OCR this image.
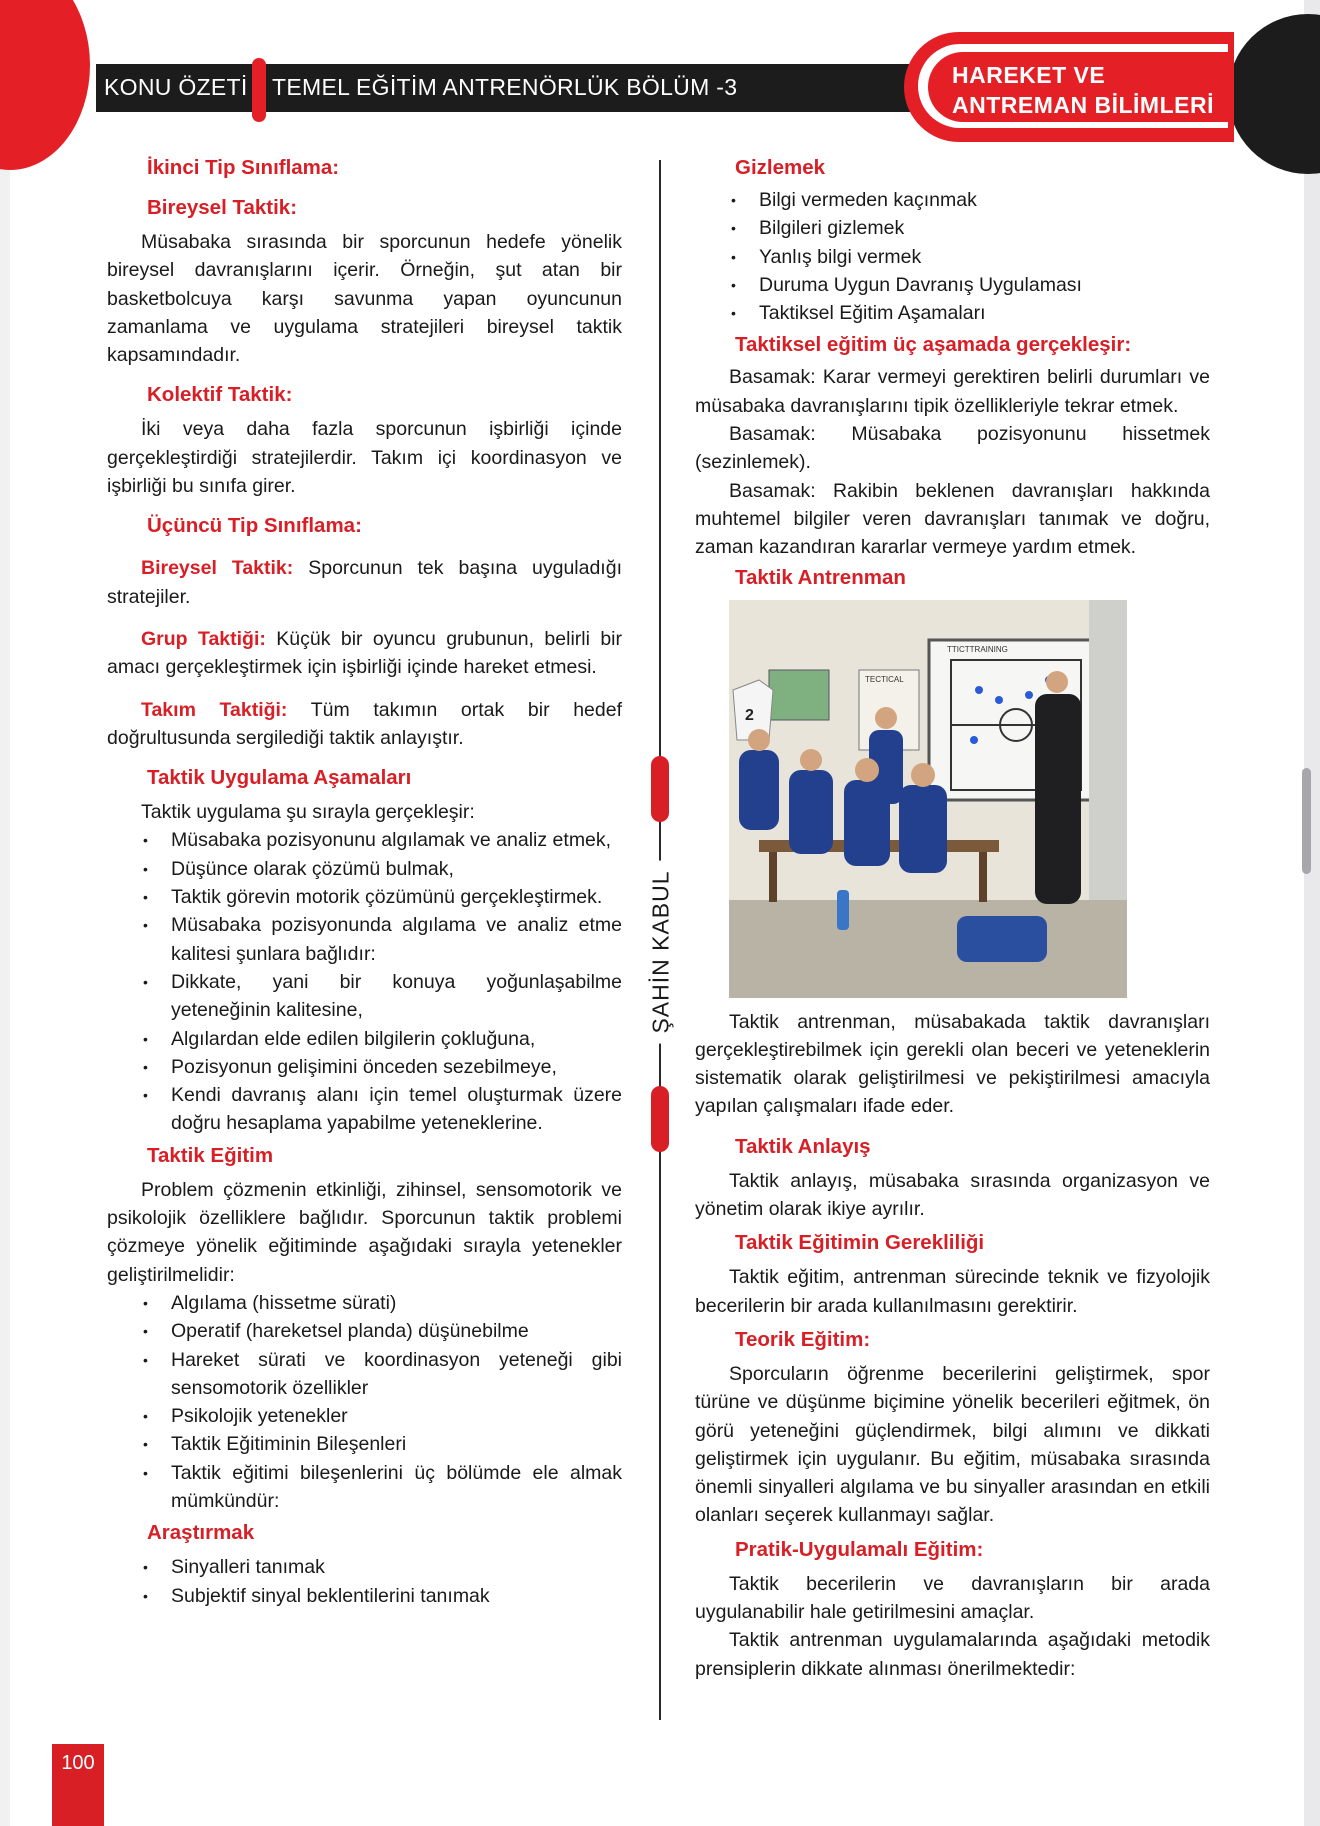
KONU ÖZETİ TEMEL EĞİTİM ANTRENÖRLÜK BÖLÜM -3	HAREKET VE
ANTREMAN BİLİMLERİ
ŞAHİN KABUL
İkinci Tip Sınıflama:
Bireysel Taktik:

Müsabaka sırasında bir sporcunun hedefe yönelik bireysel davranışlarını içerir. Örneğin, şut atan bir basketbolcuya karşı savunma yapan oyuncunun zamanlama ve uygulama stratejileri bireysel taktik kapsamındadır.

Kolektif Taktik:

İki veya daha fazla sporcunun işbirliği içinde gerçekleştirdiği stratejilerdir. Takım içi koordinasyon ve işbirliği bu sınıfa girer.

Üçüncü Tip Sınıflama:

Bireysel Taktik: Sporcunun tek başına uyguladığı stratejiler.

Grup Taktiği: Küçük bir oyuncu grubunun, belirli bir amacı gerçekleştirmek için işbirliği içinde hareket etmesi.

Takım Taktiği: Tüm takımın ortak bir hedef doğrultusunda sergilediği taktik anlayıştır.

Taktik Uygulama Aşamaları

Taktik uygulama şu sırayla gerçekleşir:

• Müsabaka pozisyonunu algılamak ve analiz etmek,
• Düşünce olarak çözümü bulmak,
• Taktik görevin motorik çözümünü gerçekleştirmek.
• Müsabaka pozisyonunda algılama ve analiz etme kalitesi şunlara bağlıdır:
• Dikkate, yani bir konuya yoğunlaşabilme yeteneğinin kalitesine,
• Algılardan elde edilen bilgilerin çokluğuna,
• Pozisyonun gelişimini önceden sezebilmeye,
• Kendi davranış alanı için temel oluşturmak üzere doğru hesaplama yapabilme yeteneklerine.
Taktik Eğitim

Problem çözmenin etkinliği, zihinsel, sensomotorik ve psikolojik özelliklere bağlıdır. Sporcunun taktik problemi çözmeye yönelik eğitiminde aşağıdaki sırayla yetenekler geliştirilmelidir:

• Algılama (hissetme sürati)
• Operatif (hareketsel planda) düşünebilme
• Hareket sürati ve koordinasyon yeteneği gibi sensomotorik özellikler
• Psikolojik yetenekler
• Taktik Eğitiminin Bileşenleri
• Taktik eğitimi bileşenlerini üç bölümde ele almak mümkündür:
Araştırmak
• Sinyalleri tanımak
• Subjektif sinyal beklentilerini tanımak
Gizlemek
• Bilgi vermeden kaçınmak
• Bilgileri gizlemek
• Yanlış bilgi vermek
• Duruma Uygun Davranış Uygulaması
• Taktiksel Eğitim Aşamaları
Taktiksel eğitim üç aşamada gerçekleşir:

Basamak: Karar vermeyi gerektiren belirli durumları ve müsabaka davranışlarını tipik özellikleriyle tekrar etmek.

Basamak: Müsabaka pozisyonunu hissetmek (sezinlemek).

Basamak: Rakibin beklenen davranışları hakkında muhtemel bilgiler veren davranışları tanımak ve doğru, zaman kazandıran kararlar vermeye yardım etmek.

Taktik Antrenman
TTICTTRAINING
TECTICAL
2

Taktik antrenman, müsabakada taktik davranışları gerçekleştirebilmek için gerekli olan beceri ve yeteneklerin sistematik olarak geliştirilmesi ve pekiştirilmesi amacıyla yapılan çalışmaları ifade eder.

Taktik Anlayış

Taktik anlayış, müsabaka sırasında organizasyon ve yönetim olarak ikiye ayrılır.

Taktik Eğitimin Gerekliliği

Taktik eğitim, antrenman sürecinde teknik ve fizyolojik becerilerin bir arada kullanılmasını gerektirir.

Teorik Eğitim:

Sporcuların öğrenme becerilerini geliştirmek, spor türüne ve düşünme biçimine yönelik becerileri eğitmek, ön görü yeteneğini güçlendirmek, bilgi alımını ve dikkati geliştirmek için uygulanır. Bu eğitim, müsabaka sırasında önemli sinyalleri algılama ve bu sinyaller arasından en etkili olanları seçerek kullanmayı sağlar.

Pratik-Uygulamalı Eğitim:

Taktik becerilerin ve davranışların bir arada uygulanabilir hale getirilmesini amaçlar.

Taktik antrenman uygulamalarında aşağıdaki metodik prensiplerin dikkate alınması önerilmektedir:

100
